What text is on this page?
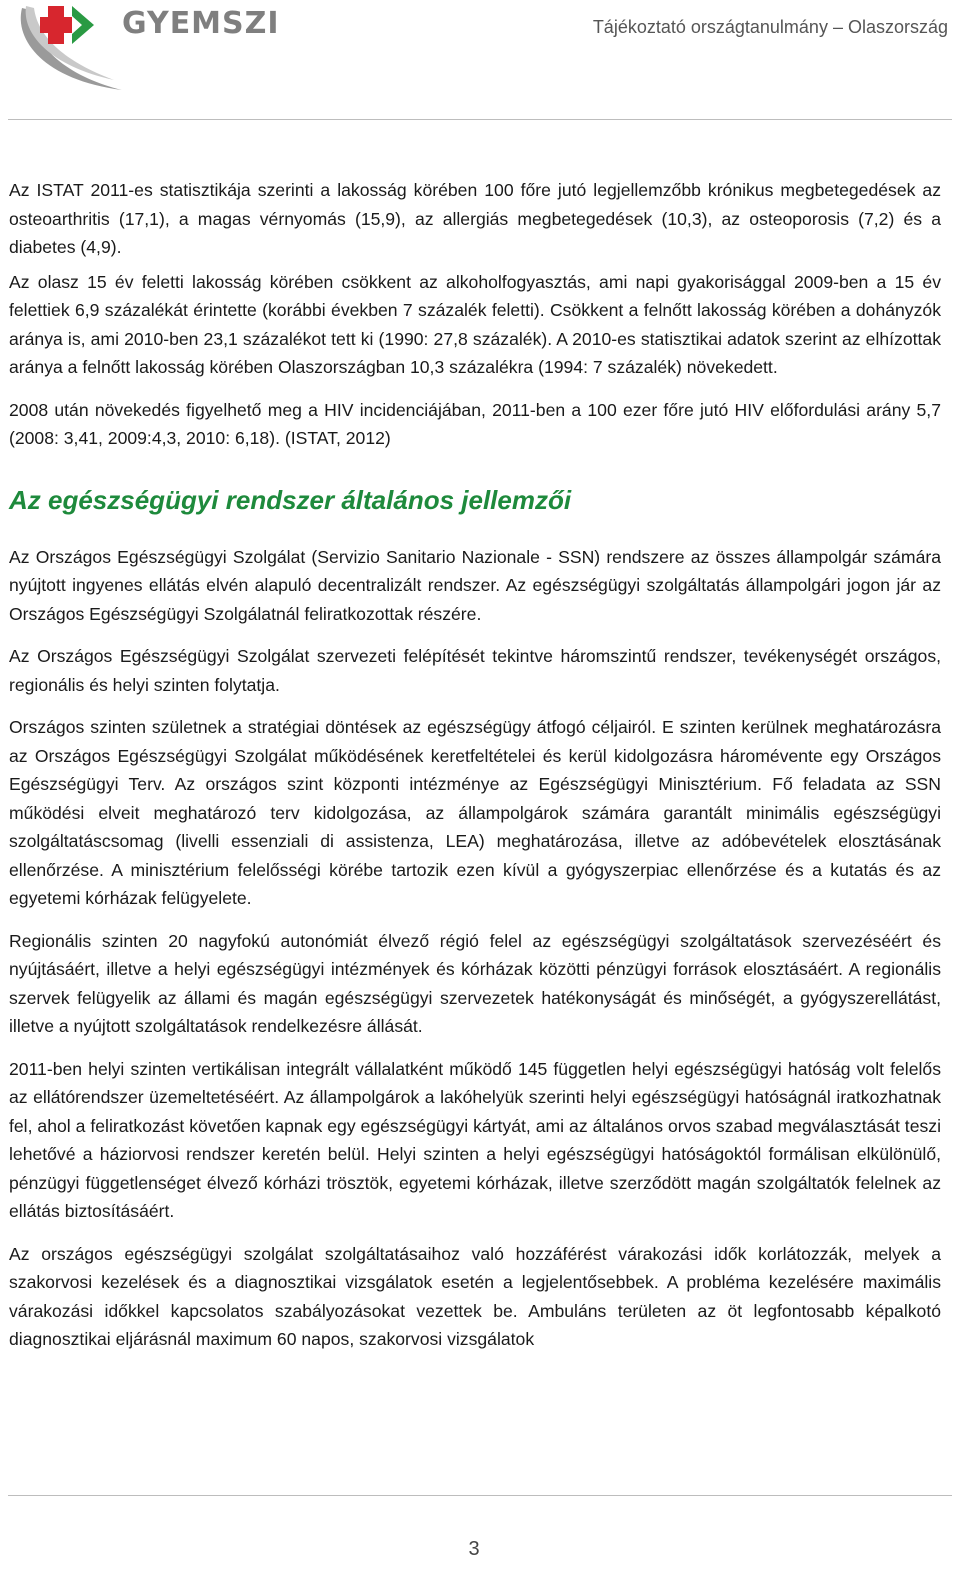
GYEMSZI	Tájékoztató országtanulmány – Olaszország

Az ISTAT 2011-es statisztikája szerinti a lakosság körében 100 főre jutó legjellemzőbb krónikus megbetegedések az osteoarthritis (17,1), a magas vérnyomás (15,9), az allergiás megbetegedések (10,3), az osteoporosis (7,2) és a diabetes (4,9).

Az olasz 15 év feletti lakosság körében csökkent az alkoholfogyasztás, ami napi gyakorisággal 2009-ben a 15 év felettiek 6,9 százalékát érintette (korábbi években 7 százalék feletti). Csökkent a felnőtt lakosság körében a dohányzók aránya is, ami 2010-ben 23,1 százalékot tett ki (1990: 27,8 százalék). A 2010-es statisztikai adatok szerint az elhízottak aránya a felnőtt lakosság körében Olaszországban 10,3 százalékra (1994: 7 százalék) növekedett.

2008 után növekedés figyelhető meg a HIV incidenciájában, 2011-ben a 100 ezer főre jutó HIV előfordulási arány 5,7 (2008: 3,41, 2009:4,3, 2010: 6,18). (ISTAT, 2012)

Az egészségügyi rendszer általános jellemzői

Az Országos Egészségügyi Szolgálat (Servizio Sanitario Nazionale - SSN) rendszere az összes állampolgár számára nyújtott ingyenes ellátás elvén alapuló decentralizált rendszer. Az egészségügyi szolgáltatás állampolgári jogon jár az Országos Egészségügyi Szolgálatnál feliratkozottak részére.

Az Országos Egészségügyi Szolgálat szervezeti felépítését tekintve háromszintű rendszer, tevékenységét országos, regionális és helyi szinten folytatja.

Országos szinten születnek a stratégiai döntések az egészségügy átfogó céljairól. E szinten kerülnek meghatározásra az Országos Egészségügyi Szolgálat működésének keretfeltételei és kerül kidolgozásra háromévente egy Országos Egészségügyi Terv. Az országos szint központi intézménye az Egészségügyi Minisztérium. Fő feladata az SSN működési elveit meghatározó terv kidolgozása, az állampolgárok számára garantált minimális egészségügyi szolgáltatáscsomag (livelli essenziali di assistenza, LEA) meghatározása, illetve az adóbevételek elosztásának ellenőrzése. A minisztérium felelősségi körébe tartozik ezen kívül a gyógyszerpiac ellenőrzése és a kutatás és az egyetemi kórházak felügyelete.

Regionális szinten 20 nagyfokú autonómiát élvező régió felel az egészségügyi szolgáltatások szervezéséért és nyújtásáért, illetve a helyi egészségügyi intézmények és kórházak közötti pénzügyi források elosztásáért. A regionális szervek felügyelik az állami és magán egészségügyi szervezetek hatékonyságát és minőségét, a gyógyszerellátást, illetve a nyújtott szolgáltatások rendelkezésre állását.

2011-ben helyi szinten vertikálisan integrált vállalatként működő 145 független helyi egészségügyi hatóság volt felelős az ellátórendszer üzemeltetéséért. Az állampolgárok a lakóhelyük szerinti helyi egészségügyi hatóságnál iratkozhatnak fel, ahol a feliratkozást követően kapnak egy egészségügyi kártyát, ami az általános orvos szabad megválasztását teszi lehetővé a háziorvosi rendszer keretén belül. Helyi szinten a helyi egészségügyi hatóságoktól formálisan elkülönülő, pénzügyi függetlenséget élvező kórházi trösztök, egyetemi kórházak, illetve szerződött magán szolgáltatók felelnek az ellátás biztosításáért.

Az országos egészségügyi szolgálat szolgáltatásaihoz való hozzáférést várakozási idők korlátozzák, melyek a szakorvosi kezelések és a diagnosztikai vizsgálatok esetén a legjelentősebbek. A probléma kezelésére maximális várakozási időkkel kapcsolatos szabályozásokat vezettek be. Ambuláns területen az öt legfontosabb képalkotó diagnosztikai eljárásnál maximum 60 napos, szakorvosi vizsgálatok

3
